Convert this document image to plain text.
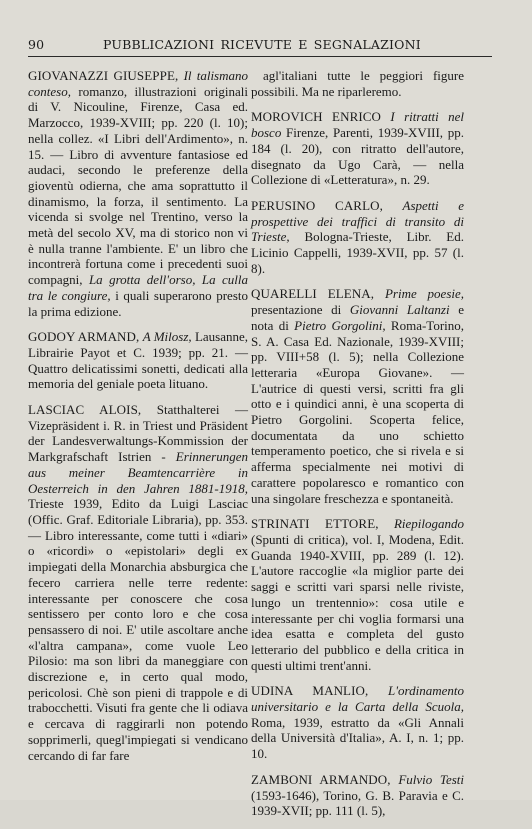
90	PUBBLICAZIONI RICEVUTE E SEGNALAZIONI

GIOVANAZZI GIUSEPPE, Il talismano conteso, romanzo, illustrazioni originali di V. Nicouline, Firenze, Casa ed. Marzocco, 1939-XVIII; pp. 220 (l. 10); nella collez. «I Libri dell'Ardimento», n. 15. — Libro di avventure fantasiose ed audaci, secondo le preferenze della gioventù odierna, che ama soprattutto il dinamismo, la forza, il sentimento. La vicenda si svolge nel Trentino, verso la metà del secolo XV, ma di storico non vi è nulla tranne l'ambiente. E' un libro che incontrerà fortuna come i precedenti suoi compagni, La grotta dell'orso, La culla tra le congiure, i quali superarono presto la prima edizione.

GODOY ARMAND, A Milosz, Lausanne, Librairie Payot et C. 1939; pp. 21. — Quattro delicatissimi sonetti, dedicati alla memoria del geniale poeta lituano.

LASCIAC ALOIS, Statthalterei — Vizepräsident i. R. in Triest und Präsident der Landesverwaltungs-Kommission der Markgrafschaft Istrien - Erinnerungen aus meiner Beamtencarrière in Oesterreich in den Jahren 1881-1918, Trieste 1939, Edito da Luigi Lasciac (Offic. Graf. Editoriale Libraria), pp. 353. — Libro interessante, come tutti i «diari» o «ricordi» o «epistolari» degli ex impiegati della Monarchia absburgica che fecero carriera nelle terre redente: interessante per conoscere che cosa sentissero per conto loro e che cosa pensassero di noi. E' utile ascoltare anche «l'altra campana», come vuole Leo Pilosio: ma son libri da maneggiare con discrezione e, in certo qual modo, pericolosi. Chè son pieni di trappole e di trabocchetti. Visuti fra gente che li odiava e cercava di raggirarli non potendo sopprimerli, quegl'impiegati si vendicano cercando di far fare

agl'italiani tutte le peggiori figure possibili. Ma ne riparleremo.

MOROVICH ENRICO I ritratti nel bosco Firenze, Parenti, 1939-XVIII, pp. 184 (l. 20), con ritratto dell'autore, disegnato da Ugo Carà, — nella Collezione di «Letteratura», n. 29.

PERUSINO CARLO, Aspetti e prospettive dei traffici di transito di Trieste, Bologna-Trieste, Libr. Ed. Licinio Cappelli, 1939-XVII, pp. 57 (l. 8).

QUARELLI ELENA, Prime poesie, presentazione di Giovanni Laltanzi e nota di Pietro Gorgolini, Roma-Torino, S. A. Casa Ed. Nazionale, 1939-XVIII; pp. VIII+58 (l. 5); nella Collezione letteraria «Europa Giovane». — L'autrice di questi versi, scritti fra gli otto e i quindici anni, è una scoperta di Pietro Gorgolini. Scoperta felice, documentata da uno schietto temperamento poetico, che si rivela e si afferma specialmente nei motivi di carattere popolaresco e romantico con una singolare freschezza e spontaneità.

STRINATI ETTORE, Riepilogando (Spunti di critica), vol. I, Modena, Edit. Guanda 1940-XVIII, pp. 289 (l. 12). L'autore raccoglie «la miglior parte dei saggi e scritti vari sparsi nelle riviste, lungo un trentennio»: cosa utile e interessante per chi voglia formarsi una idea esatta e completa del gusto letterario del pubblico e della critica in questi ultimi trent'anni.

UDINA MANLIO, L'ordinamento universitario e la Carta della Scuola, Roma, 1939, estratto da «Gli Annali della Università d'Italia», A. I, n. 1; pp. 10.

ZAMBONI ARMANDO, Fulvio Testi (1593-1646), Torino, G. B. Paravia e C. 1939-XVII; pp. 111 (l. 5),
